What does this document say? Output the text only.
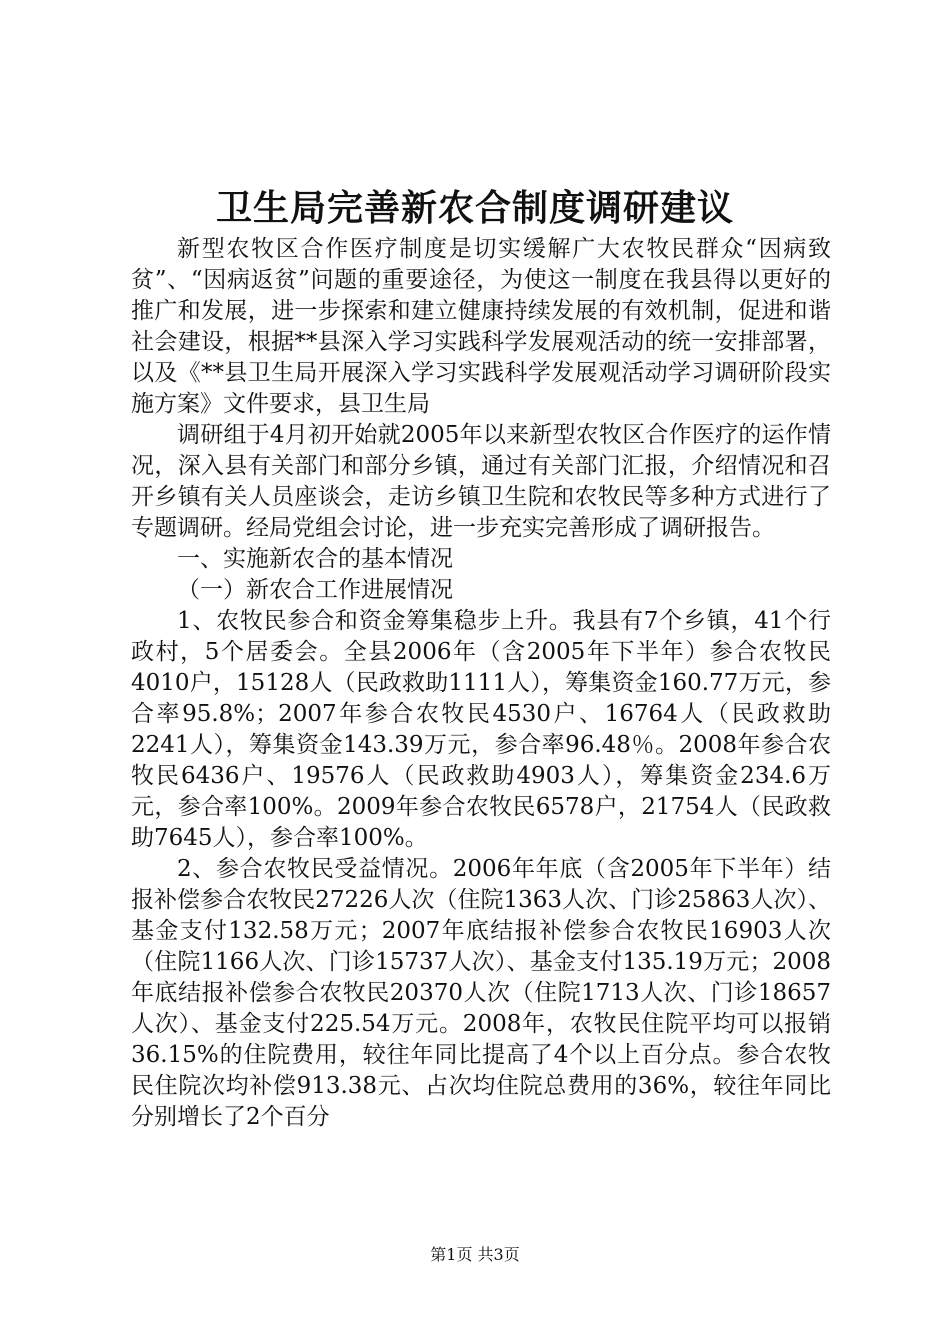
卫生局完善新农合制度调研建议

新型农牧区合作医疗制度是切实缓解广大农牧民群众“因病致贫”、“因病返贫”问题的重要途径，为使这一制度在我县得以更好的推广和发展，进一步探索和建立健康持续发展的有效机制，促进和谐社会建设，根据**县深入学习实践科学发展观活动的统一安排部署，以及《**县卫生局开展深入学习实践科学发展观活动学习调研阶段实施方案》文件要求，县卫生局

调研组于4月初开始就2005年以来新型农牧区合作医疗的运作情况，深入县有关部门和部分乡镇，通过有关部门汇报，介绍情况和召开乡镇有关人员座谈会，走访乡镇卫生院和农牧民等多种方式进行了专题调研。经局党组会讨论，进一步充实完善形成了调研报告。

一、实施新农合的基本情况

（一）新农合工作进展情况

1、农牧民参合和资金筹集稳步上升。我县有7个乡镇，41个行政村，5个居委会。全县2006年（含2005年下半年）参合农牧民4010户，15128人（民政救助1111人），筹集资金160.77万元，参合率95.8%；2007年参合农牧民4530户、16764人（民政救助2241人），筹集资金143.39万元，参合率96.48％。2008年参合农牧民6436户、19576人（民政救助4903人），筹集资金234.6万元，参合率100%。2009年参合农牧民6578户，21754人（民政救助7645人），参合率100%。

2、参合农牧民受益情况。2006年年底（含2005年下半年）结报补偿参合农牧民27226人次（住院1363人次、门诊25863人次）、基金支付132.58万元；2007年底结报补偿参合农牧民16903人次（住院1166人次、门诊15737人次）、基金支付135.19万元；2008年底结报补偿参合农牧民20370人次（住院1713人次、门诊18657人次）、基金支付225.54万元。2008年，农牧民住院平均可以报销36.15%的住院费用，较往年同比提高了4个以上百分点。参合农牧民住院次均补偿913.38元、占次均住院总费用的36%，较往年同比分别增长了2个百分

第1页 共3页
